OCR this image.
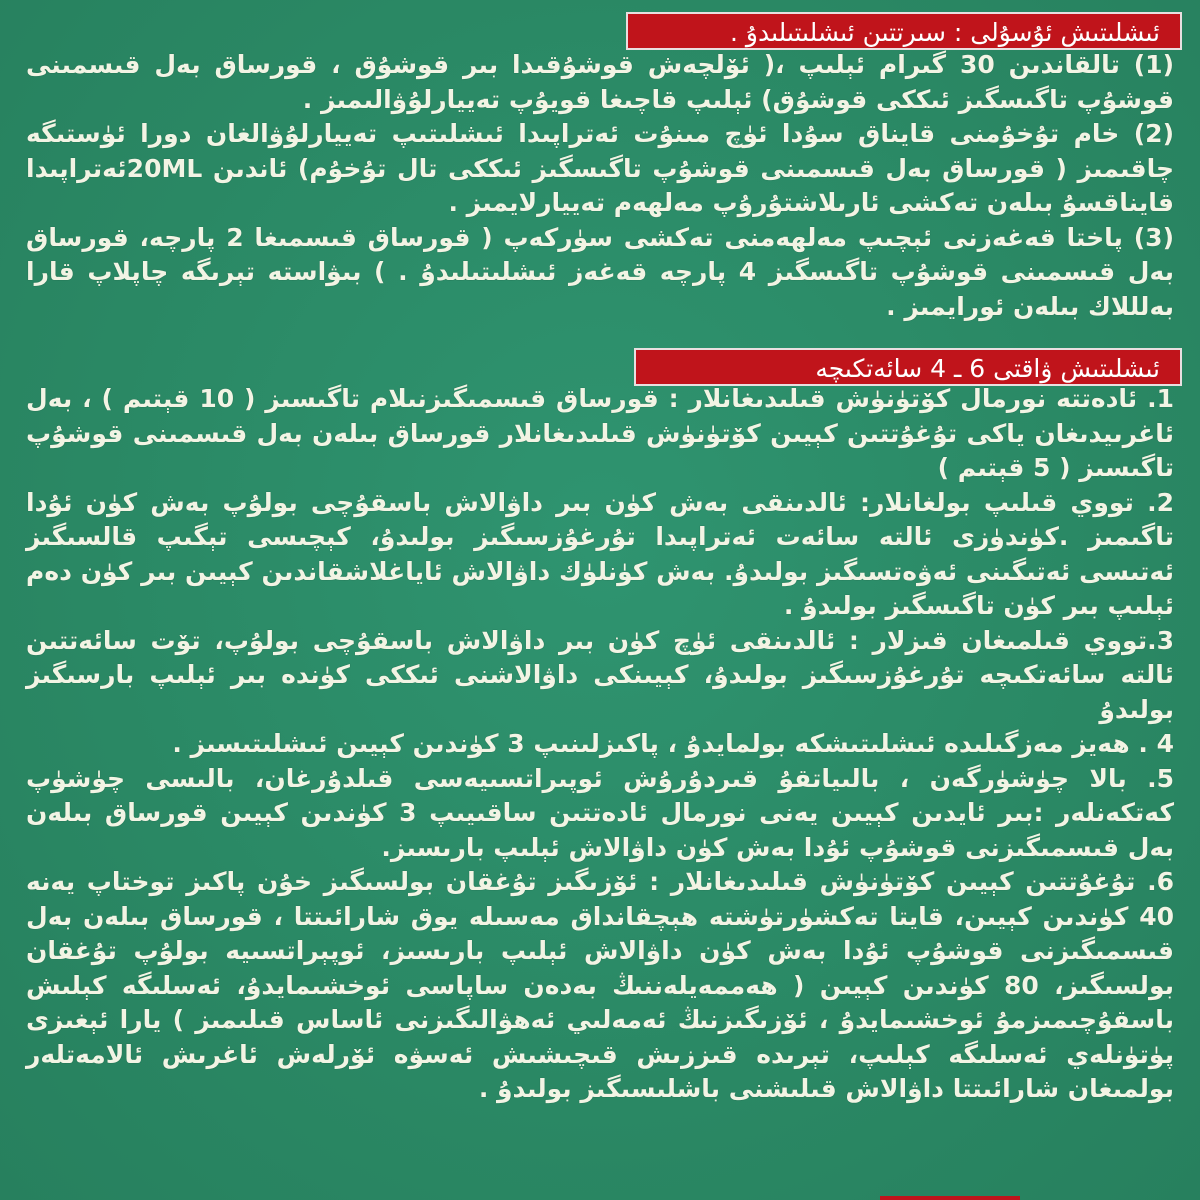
ئىشلىتىش ئۇسۇلى : سىرتتىن ئىشلىتىلىدۇ .

(1) تالقاندىن 30 گىرام ئېلىپ ،( ئۆلچەش قوشۇقىدا بىر قوشۇق ، قورساق بەل قىسمىنى قوشۇپ تاگىسگىز ئىككى قوشۇق) ئېلىپ قاچىغا قويۇپ تەييارلۇۋالىمىز .

(2) خام تۇخۇمنى قايناق سۇدا ئۈچ مىنۇت ئەتراپىدا ئىشلىتىپ تەييارلۇۋالغان دورا ئۈستىگە چاقىمىز ( قورساق بەل قىسمىنى قوشۇپ تاگىسگىز ئىككى تال تۇخۇم) ئاندىن 20MLئەتراپىدا قايناقسۇ بىلەن تەكشى ئارىلاشتۇرۇپ مەلھەم تەييارلايمىز .

(3) پاختا قەغەزنى ئېچىپ مەلھەمنى تەكشى سۈركەپ ( قورساق قىسمىغا 2 پارچە، قورساق بەل قىسمىنى قوشۇپ تاگىسگىز 4 پارچە قەغەز ئىشلىتىلىدۇ . ) بىۋاستە تېرىگە چاپلاپ قارا بەلللاك بىلەن ئورايمىز .

ئىشلىتىش ۋاقتى 6 ـ 4 سائەتكىچە

1. ئادەتتە نورمال كۆتۈنۈش قىلىدىغانلار : قورساق قىسمىگىزنىلام تاگىسىز ( 10 قېتىم ) ، بەل ئاغرىيدىغان ياكى تۇغۇتتىن كېيىن كۆتۈنۈش قىلىدىغانلار قورساق بىلەن بەل قىسمىنى قوشۇپ تاگىسىز ( 5 قېتىم )

2. تووي قىلىپ بولغانلار: ئالدىنقى بەش كۈن بىر داۋالاش باسقۇچى بولۇپ بەش كۈن ئۇدا تاگىمىز .كۈندۈزى ئالتە سائەت ئەتراپىدا تۇرغۇزسىگىز بولىدۇ، كېچىسى تېگىپ قالسىگىز ئەتىسى ئەتىگىنى ئەۋەتسىگىز بولىدۇ. بەش كۈنلۈك داۋالاش ئاياغلاشقاندىن كېيىن بىر كۈن دەم ئېلىپ بىر كۈن تاگىسگىز بولىدۇ .

3.تووي قىلمىغان قىزلار : ئالدىنقى ئۈچ كۈن بىر داۋالاش باسقۇچى بولۇپ، تۆت سائەتتىن ئالتە سائەتكىچە تۇرغۇزسىگىز بولىدۇ، كېيىنكى داۋالاشنى ئىككى كۈندە بىر ئېلىپ بارسىگىز بولىدۇ

4 . ھەيز مەزگىلىدە ئىشلىتىشكە بولمايدۇ ، پاكىزلىنىپ 3 كۈندىن كېيىن ئىشلىتىسىز .

5. بالا چۈشۈرگەن ، بالىياتقۇ قىردۇرۇش ئوپىراتسىيەسى قىلدۇرغان، بالىسى چۈشۈپ كەتكەنلەر :بىر ئايدىن كېيىن يەنى نورمال ئادەتتىن ساقىيىپ 3 كۈندىن كېيىن قورساق بىلەن بەل قىسمىگىزنى قوشۇپ ئۇدا بەش كۈن داۋالاش ئېلىپ بارىسىز.

6. تۇغۇتتىن كېيىن كۆتۈنۈش قىلىدىغانلار : ئۆزىگىز تۇغقان بولسىگىز خۇن پاكىز توختاپ يەنە 40 كۈندىن كېيىن، قايتا تەكشۈرتۈشتە ھېچقانداق مەسىلە يوق شارائىتتا ، قورساق بىلەن بەل قىسمىگىزنى قوشۇپ ئۇدا بەش كۈن داۋالاش ئېلىپ بارىسىز، ئوپېراتسىيە بولۇپ تۇغقان بولسىگىز، 80 كۈندىن كېيىن ( ھەممەيلەننىڭ بەدەن ساپاسى ئوخشىمايدۇ، ئەسلىگە كېلىش باسقۇچىمىزمۇ ئوخشىمايدۇ ، ئۆزىگىزنىڭ ئەمەلىي ئەھۋالىگىزنى ئاساس قىلىمىز ) يارا ئېغىزى پۈتۈنلەي ئەسلىگە كېلىپ، تېرىدە قىززىش قىچىشىش ئەسۋە ئۆرلەش ئاغرىش ئالامەتلەر بولمىغان شارائىتتا داۋالاش قىلىشنى باشلىسىگىز بولىدۇ .
